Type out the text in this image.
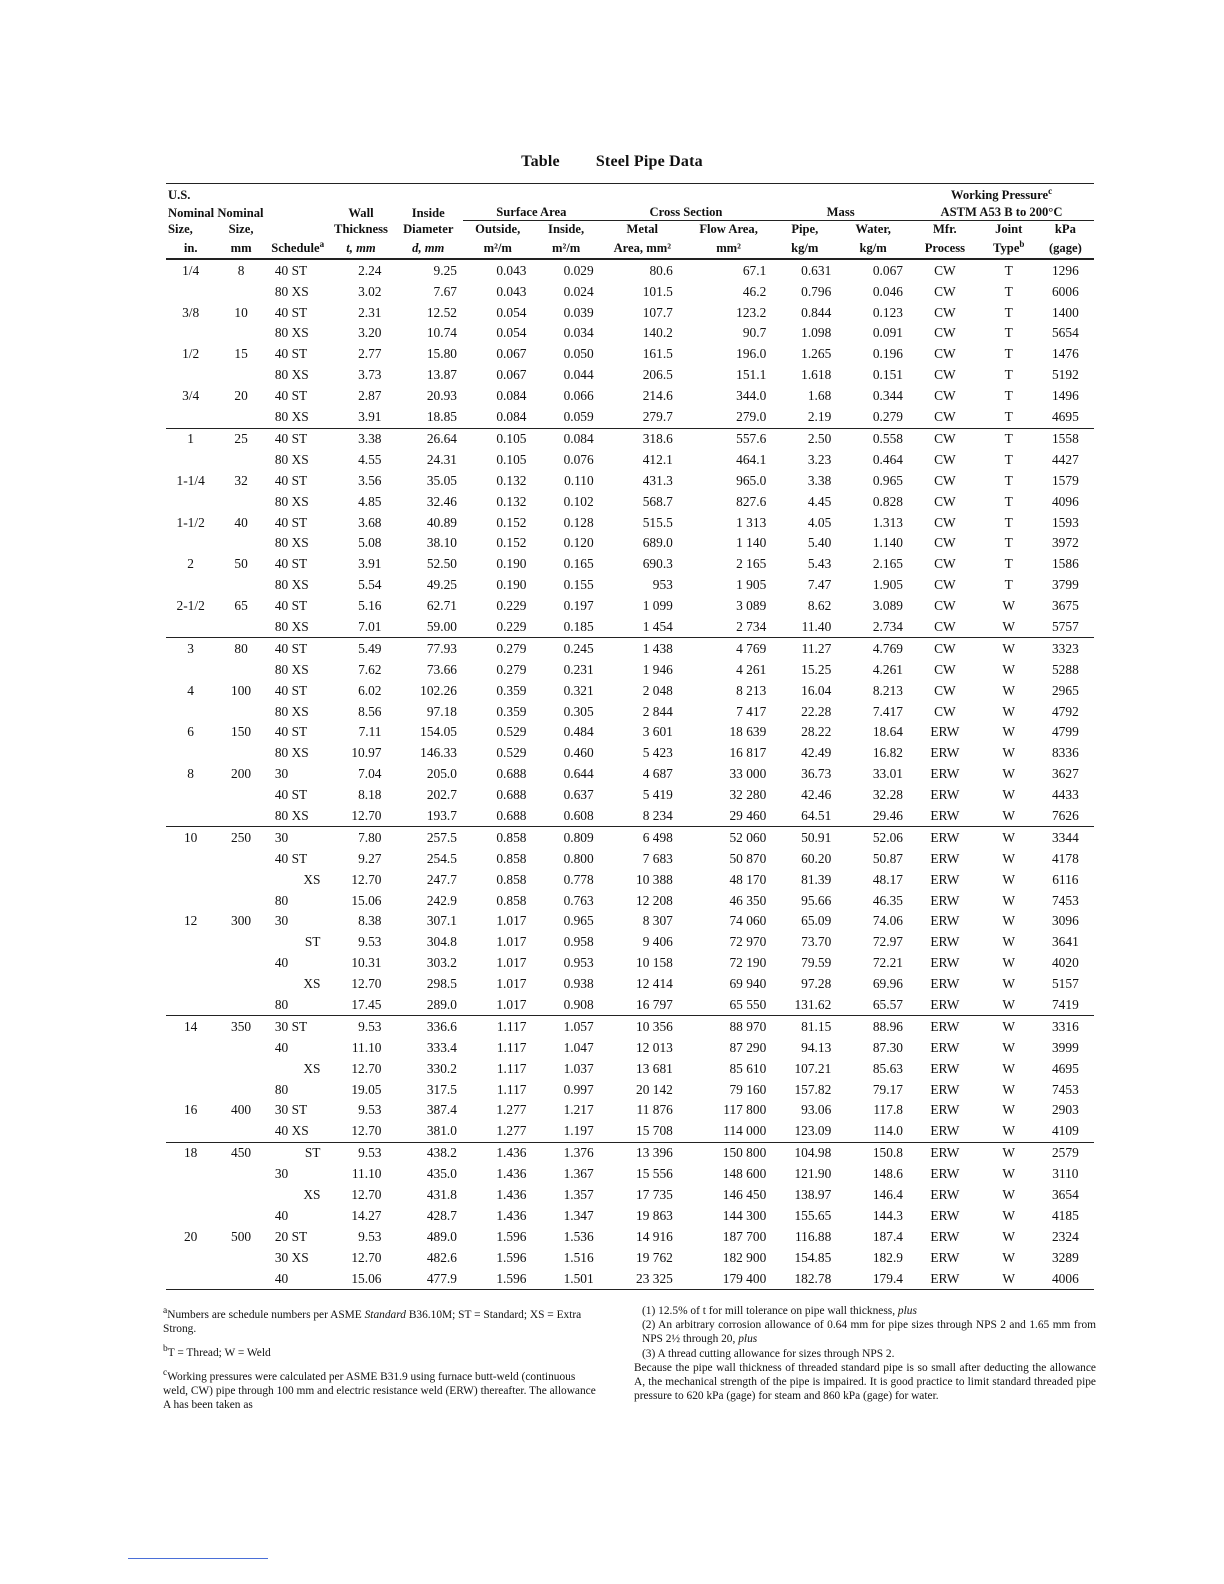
Table Steel Pipe Data
U.S.											Working Pressure$^c$
Nominal	Nominal		Wall	Inside	Surface Area		Cross Section		Mass		ASTM A53 B to 200°C		
Size,	Size,		Thickness	Diameter	Outside,	Inside,	Metal	Flow Area,	Pipe,	Water,	Mfr.	Joint	kPa
in.	mm	Schedule$^a$	t, mm	d, mm	m²/m	m²/m	Area, mm²	mm²	kg/m	kg/m	Process	Type$^b$	(gage)
1/4	8	40 ST	2.24	9.25	0.043	0.029	80.6	67.1	0.631	0.067	CW	T	1296
		80 XS	3.02	7.67	0.043	0.024	101.5	46.2	0.796	0.046	CW	T	6006
3/8	10	40 ST	2.31	12.52	0.054	0.039	107.7	123.2	0.844	0.123	CW	T	1400
		80 XS	3.20	10.74	0.054	0.034	140.2	90.7	1.098	0.091	CW	T	5654
1/2	15	40 ST	2.77	15.80	0.067	0.050	161.5	196.0	1.265	0.196	CW	T	1476
		80 XS	3.73	13.87	0.067	0.044	206.5	151.1	1.618	0.151	CW	T	5192
3/4	20	40 ST	2.87	20.93	0.084	0.066	214.6	344.0	1.68	0.344	CW	T	1496
		80 XS	3.91	18.85	0.084	0.059	279.7	279.0	2.19	0.279	CW	T	4695
1	25	40 ST	3.38	26.64	0.105	0.084	318.6	557.6	2.50	0.558	CW	T	1558
		80 XS	4.55	24.31	0.105	0.076	412.1	464.1	3.23	0.464	CW	T	4427
1-1/4	32	40 ST	3.56	35.05	0.132	0.110	431.3	965.0	3.38	0.965	CW	T	1579
		80 XS	4.85	32.46	0.132	0.102	568.7	827.6	4.45	0.828	CW	T	4096
1-1/2	40	40 ST	3.68	40.89	0.152	0.128	515.5	1 313	4.05	1.313	CW	T	1593
		80 XS	5.08	38.10	0.152	0.120	689.0	1 140	5.40	1.140	CW	T	3972
2	50	40 ST	3.91	52.50	0.190	0.165	690.3	2 165	5.43	2.165	CW	T	1586
		80 XS	5.54	49.25	0.190	0.155	953	1 905	7.47	1.905	CW	T	3799
2-1/2	65	40 ST	5.16	62.71	0.229	0.197	1 099	3 089	8.62	3.089	CW	W	3675
		80 XS	7.01	59.00	0.229	0.185	1 454	2 734	11.40	2.734	CW	W	5757
3	80	40 ST	5.49	77.93	0.279	0.245	1 438	4 769	11.27	4.769	CW	W	3323
		80 XS	7.62	73.66	0.279	0.231	1 946	4 261	15.25	4.261	CW	W	5288
4	100	40 ST	6.02	102.26	0.359	0.321	2 048	8 213	16.04	8.213	CW	W	2965
		80 XS	8.56	97.18	0.359	0.305	2 844	7 417	22.28	7.417	CW	W	4792
6	150	40 ST	7.11	154.05	0.529	0.484	3 601	18 639	28.22	18.64	ERW	W	4799
		80 XS	10.97	146.33	0.529	0.460	5 423	16 817	42.49	16.82	ERW	W	8336
8	200	30	7.04	205.0	0.688	0.644	4 687	33 000	36.73	33.01	ERW	W	3627
		40 ST	8.18	202.7	0.688	0.637	5 419	32 280	42.46	32.28	ERW	W	4433
		80 XS	12.70	193.7	0.688	0.608	8 234	29 460	64.51	29.46	ERW	W	7626
10	250	30	7.80	257.5	0.858	0.809	6 498	52 060	50.91	52.06	ERW	W	3344
		40 ST	9.27	254.5	0.858	0.800	7 683	50 870	60.20	50.87	ERW	W	4178
		XS	12.70	247.7	0.858	0.778	10 388	48 170	81.39	48.17	ERW	W	6116
		80	15.06	242.9	0.858	0.763	12 208	46 350	95.66	46.35	ERW	W	7453
12	300	30	8.38	307.1	1.017	0.965	8 307	74 060	65.09	74.06	ERW	W	3096
		ST	9.53	304.8	1.017	0.958	9 406	72 970	73.70	72.97	ERW	W	3641
		40	10.31	303.2	1.017	0.953	10 158	72 190	79.59	72.21	ERW	W	4020
		XS	12.70	298.5	1.017	0.938	12 414	69 940	97.28	69.96	ERW	W	5157
		80	17.45	289.0	1.017	0.908	16 797	65 550	131.62	65.57	ERW	W	7419
14	350	30 ST	9.53	336.6	1.117	1.057	10 356	88 970	81.15	88.96	ERW	W	3316
		40	11.10	333.4	1.117	1.047	12 013	87 290	94.13	87.30	ERW	W	3999
		XS	12.70	330.2	1.117	1.037	13 681	85 610	107.21	85.63	ERW	W	4695
		80	19.05	317.5	1.117	0.997	20 142	79 160	157.82	79.17	ERW	W	7453
16	400	30 ST	9.53	387.4	1.277	1.217	11 876	117 800	93.06	117.8	ERW	W	2903
		40 XS	12.70	381.0	1.277	1.197	15 708	114 000	123.09	114.0	ERW	W	4109
18	450	ST	9.53	438.2	1.436	1.376	13 396	150 800	104.98	150.8	ERW	W	2579
		30	11.10	435.0	1.436	1.367	15 556	148 600	121.90	148.6	ERW	W	3110
		XS	12.70	431.8	1.436	1.357	17 735	146 450	138.97	146.4	ERW	W	3654
		40	14.27	428.7	1.436	1.347	19 863	144 300	155.65	144.3	ERW	W	4185
20	500	20 ST	9.53	489.0	1.596	1.536	14 916	187 700	116.88	187.4	ERW	W	2324
		30 XS	12.70	482.6	1.596	1.516	19 762	182 900	154.85	182.9	ERW	W	3289
		40	15.06	477.9	1.596	1.501	23 325	179 400	182.78	179.4	ERW	W	4006

$^a$Numbers are schedule numbers per ASME Standard B36.10M; ST = Standard; XS = Extra Strong.

$^b$T = Thread; W = Weld

$^c$Working pressures were calculated per ASME B31.9 using furnace butt-weld (continuous weld, CW) pipe through 100 mm and electric resistance weld (ERW) thereafter. The allowance A has been taken as

(1) 12.5% of t for mill tolerance on pipe wall thickness, plus

(2) An arbitrary corrosion allowance of 0.64 mm for pipe sizes through NPS 2 and 1.65 mm from NPS 2½ through 20, plus

(3) A thread cutting allowance for sizes through NPS 2.

Because the pipe wall thickness of threaded standard pipe is so small after deducting the allowance A, the mechanical strength of the pipe is impaired. It is good practice to limit standard threaded pipe pressure to 620 kPa (gage) for steam and 860 kPa (gage) for water.
